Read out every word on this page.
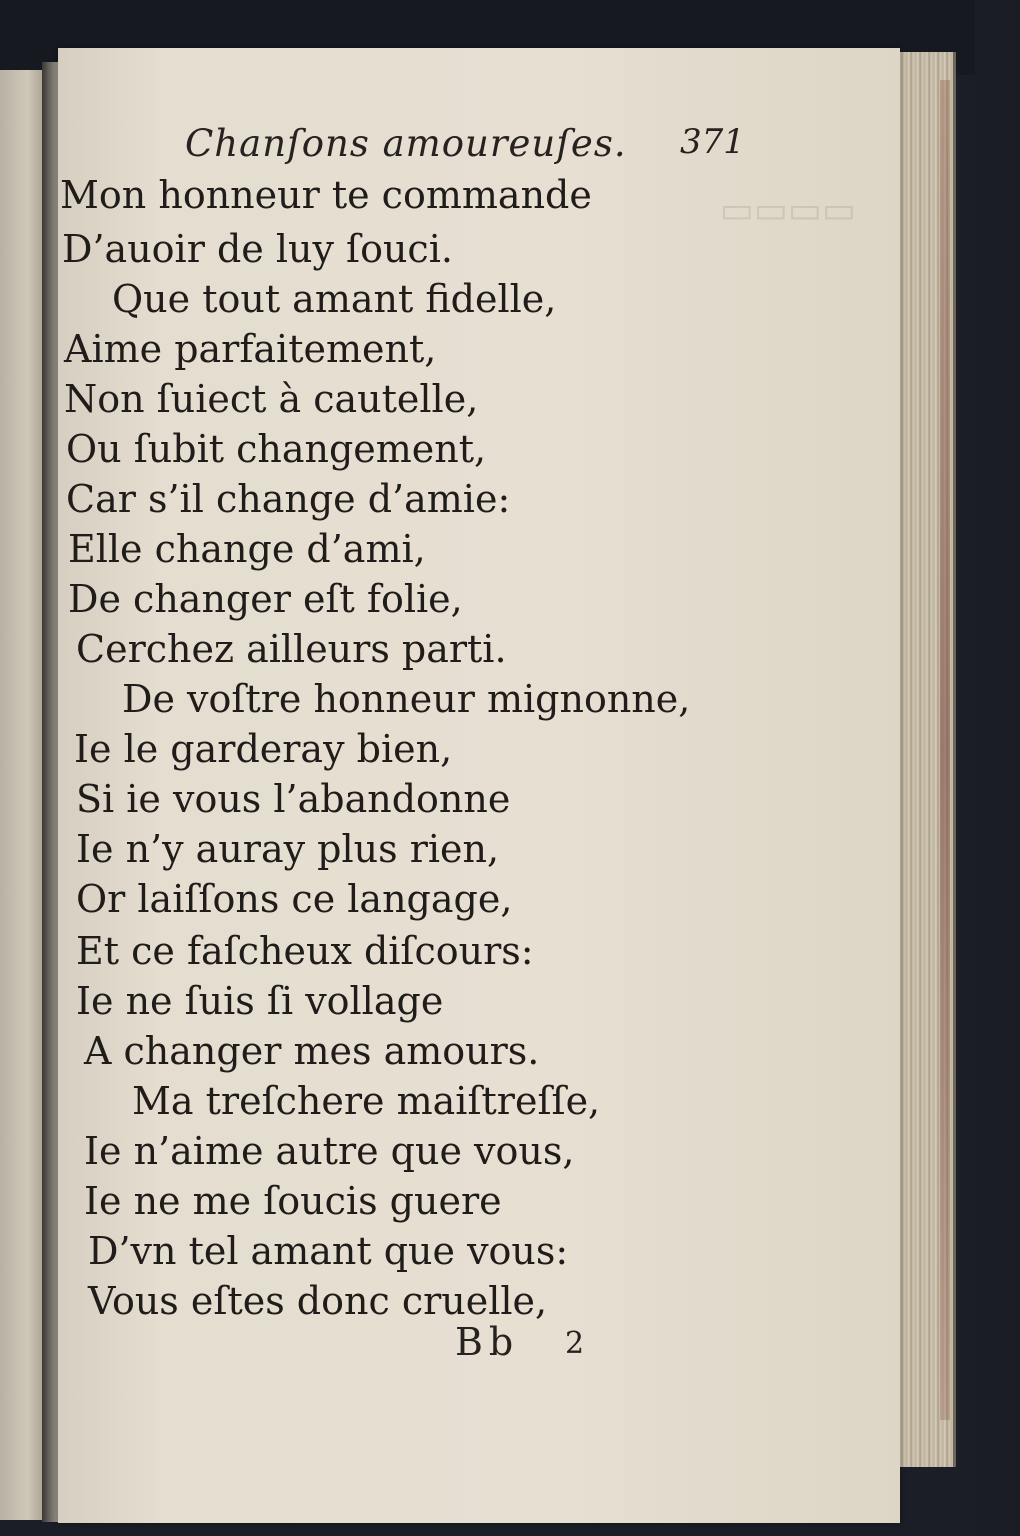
▭▭▭▭
Chanſons amoureuſes. 371
Mon honneur te commande
D’auoir de luy ſouci.
Que tout amant fidelle,
Aime parfaitement,
Non ſuiect à cautelle,
Ou ſubit changement,
Car s’il change d’amie:
Elle change d’ami,
De changer eſt folie,
Cerchez ailleurs parti.
De voſtre honneur mignonne,
Ie le garderay bien,
Si ie vous l’abandonne
Ie n’y auray plus rien,
Or laiſſons ce langage,
Et ce faſcheux diſcours:
Ie ne ſuis ſi vollage
A changer mes amours.
Ma treſchere maiſtreſſe,
Ie n’aime autre que vous,
Ie ne me ſoucis guere
D’vn tel amant que vous:
Vous eſtes donc cruelle,
Bb 2
